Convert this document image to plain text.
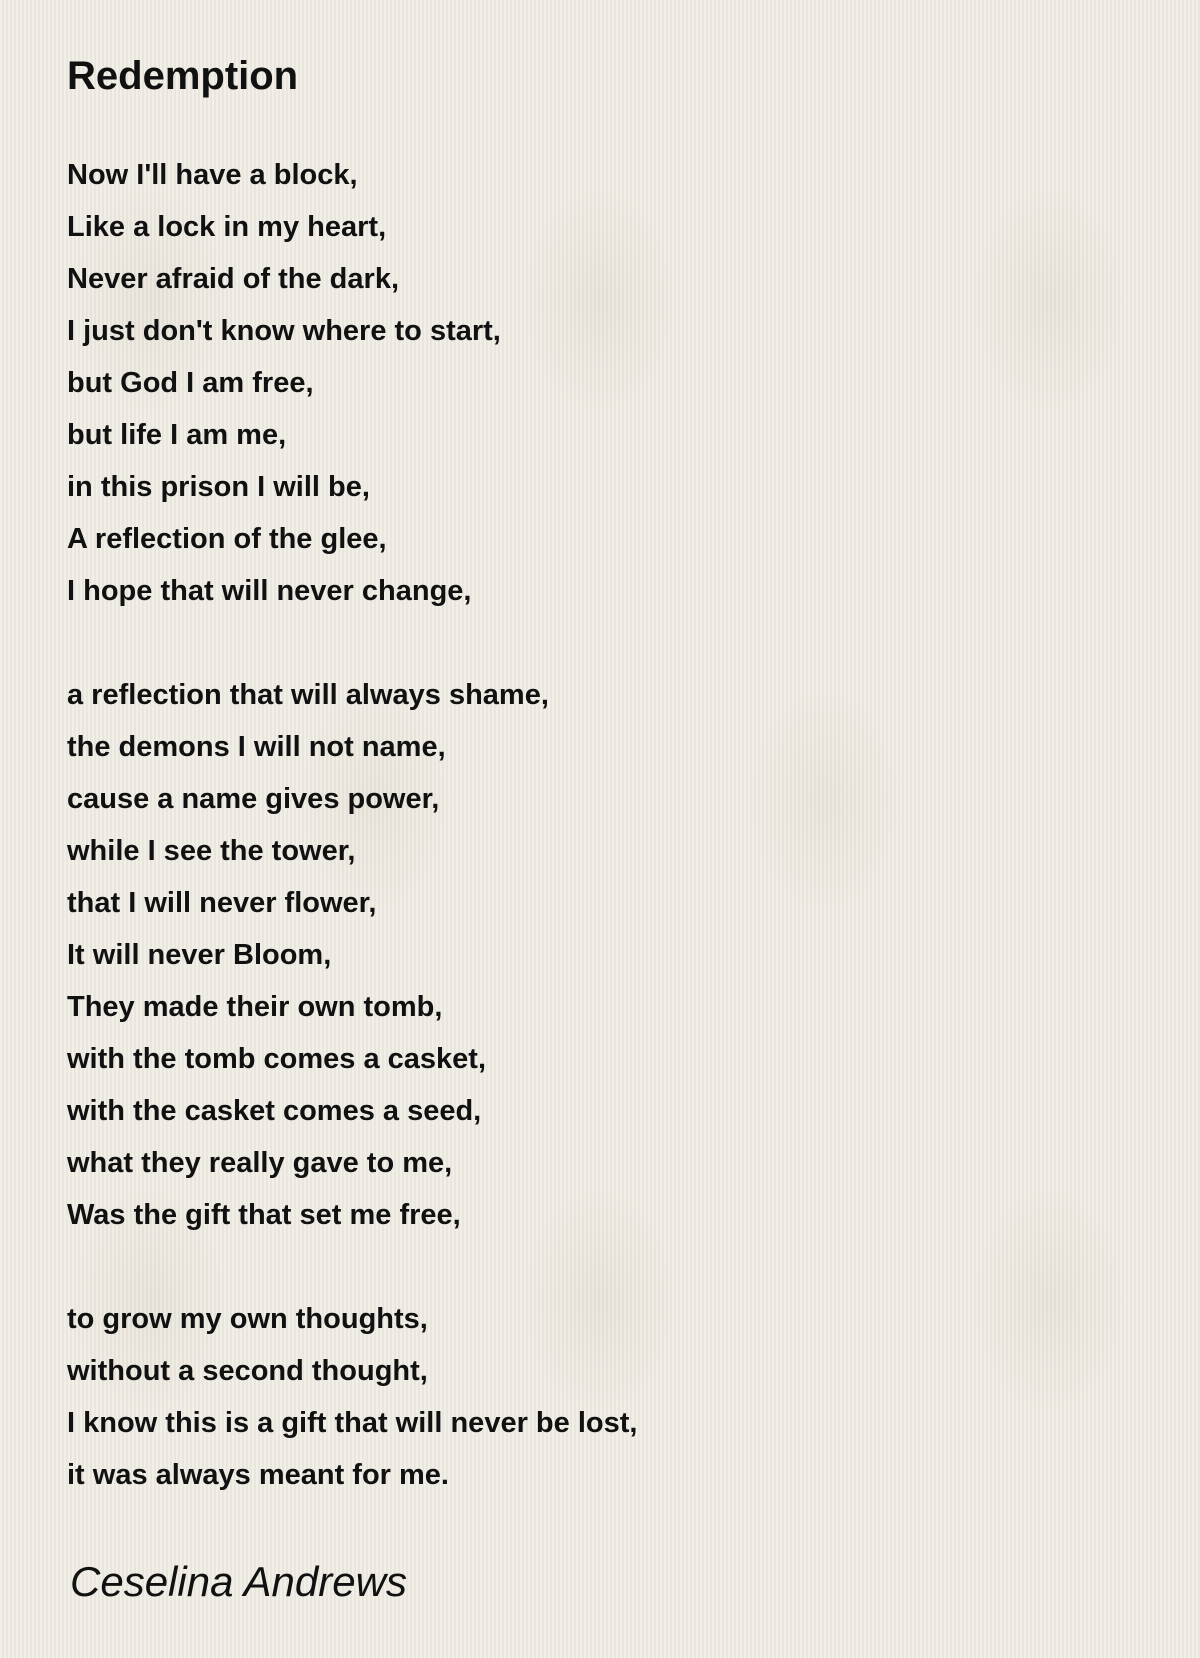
Redemption
Now I'll have a block,
Like a lock in my heart,
Never afraid of the dark,
I just don't know where to start,
but God I am free,
but life I am me,
in this prison I will be,
A reflection of the glee,
I hope that will never change,
a reflection that will always shame,
the demons I will not name,
cause a name gives power,
while I see the tower,
that I will never flower,
It will never Bloom,
They made their own tomb,
with the tomb comes a casket,
with the casket comes a seed,
what they really gave to me,
Was the gift that set me free,
to grow my own thoughts,
without a second thought,
I know this is a gift that will never be lost,
it was always meant for me.

Ceselina Andrews
